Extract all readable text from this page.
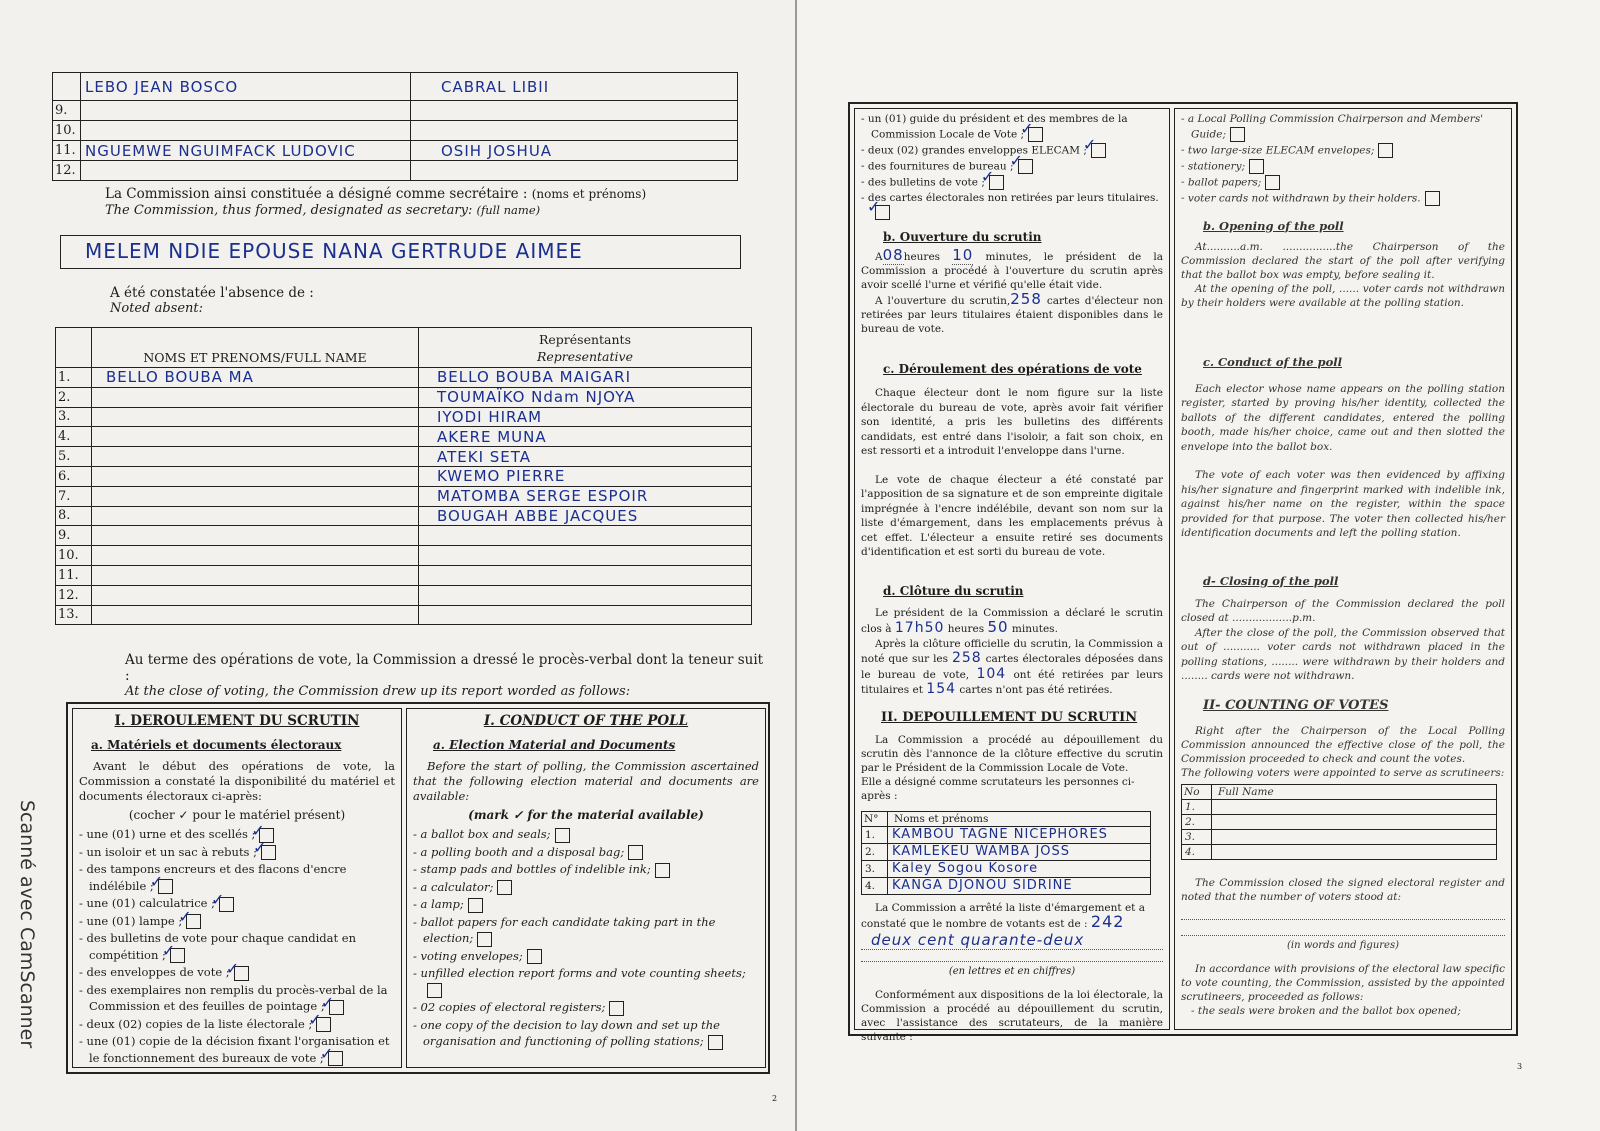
	LEBO JEAN BOSCO	CABRAL LIBII
9.		
10.		
11.	NGUEMWE NGUIMFACK LUDOVIC	OSIH JOSHUA
12.		
La Commission ainsi constituée a désigné comme secrétaire : (noms et prénoms)
The Commission, thus formed, designated as secretary: (full name)
MELEM NDIE EPOUSE NANA GERTRUDE AIMEE
A été constatée l'absence de :
Noted absent:
	NOMS ET PRENOMS/FULL NAME	Représentants
Representative

1.	BELLO BOUBA MA	BELLO BOUBA MAIGARI
2.		TOUMAÏKO Ndam NJOYA
3.		IYODI HIRAM
4.		AKERE MUNA
5.		ATEKI SETA
6.		KWEMO PIERRE
7.		MATOMBA SERGE ESPOIR
8.		BOUGAH ABBE JACQUES
9.		
10.		
11.		
12.		
13.		
Au terme des opérations de vote, la Commission a dressé le procès-verbal dont la teneur suit :
At the close of voting, the Commission drew up its report worded as follows:
I. DEROULEMENT DU SCRUTIN
a. Matériels et documents électoraux
Avant le début des opérations de vote, la Commission a constaté la disponibilité du matériel et documents électoraux ci-après:
(cocher ✓ pour le matériel présent)
- une (01) urne et des scellés ;✓
- un isoloir et un sac à rebuts ;✓
- des tampons encreurs et des flacons d'encre indélébile ;✓
- une (01) calculatrice ;✓
- une (01) lampe ;✓
- des bulletins de vote pour chaque candidat en compétition ;✓
- des enveloppes de vote ;✓
- des exemplaires non remplis du procès-verbal de la Commission et des feuilles de pointage ;✓
- deux (02) copies de la liste électorale ;✓
- une (01) copie de la décision fixant l'organisation et le fonctionnement des bureaux de vote ;✓
I. CONDUCT OF THE POLL
a. Election Material and Documents
Before the start of polling, the Commission ascertained that the following election material and documents are available:
(mark ✓ for the material available)
- a ballot box and seals;
- a polling booth and a disposal bag;
- stamp pads and bottles of indelible ink;
- a calculator;
- a lamp;
- ballot papers for each candidate taking part in the election;
- voting envelopes;
- unfilled election report forms and vote counting sheets;
- 02 copies of electoral registers;
- one copy of the decision to lay down and set up the organisation and functioning of polling stations;
Scanné avec CamScanner
2
- un (01) guide du président et des membres de la Commission Locale de Vote ;✓
- deux (02) grandes enveloppes ELECAM ;✓
- des fournitures de bureau ;✓
- des bulletins de vote ;✓
- des cartes électorales non retirées par leurs titulaires.✓
b. Ouverture du scrutin
A08heures 10 minutes, le président de la Commission a procédé à l'ouverture du scrutin après avoir scellé l'urne et vérifié qu'elle était vide.
A l'ouverture du scrutin,258 cartes d'électeur non retirées par leurs titulaires étaient disponibles dans le bureau de vote.
c. Déroulement des opérations de vote
Chaque électeur dont le nom figure sur la liste électorale du bureau de vote, après avoir fait vérifier son identité, a pris les bulletins des différents candidats, est entré dans l'isoloir, a fait son choix, en est ressorti et a introduit l'enveloppe dans l'urne.
Le vote de chaque électeur a été constaté par l'apposition de sa signature et de son empreinte digitale imprégnée à l'encre indélébile, devant son nom sur la liste d'émargement, dans les emplacements prévus à cet effet. L'électeur a ensuite retiré ses documents d'identification et est sorti du bureau de vote.
d. Clôture du scrutin
Le président de la Commission a déclaré le scrutin clos à 17h50 heures 50 minutes.
Après la clôture officielle du scrutin, la Commission a noté que sur les 258 cartes électorales déposées dans le bureau de vote, 104 ont été retirées par leurs titulaires et 154 cartes n'ont pas été retirées.
II. DEPOUILLEMENT DU SCRUTIN
La Commission a procédé au dépouillement du scrutin dès l'annonce de la clôture effective du scrutin par le Président de la Commission Locale de Vote.
Elle a désigné comme scrutateurs les personnes ci-après :
N°	Noms et prénoms
1.	KAMBOU TAGNE NICEPHORES
2.	KAMLEKEU WAMBA JOSS
3.	Kaley Sogou Kosore
4.	KANGA DJONOU SIDRINE
La Commission a arrêté la liste d'émargement et a constaté que le nombre de votants est de : 242
deux cent quarante-deux
(en lettres et en chiffres)
Conformément aux dispositions de la loi électorale, la Commission a procédé au dépouillement du scrutin, avec l'assistance des scrutateurs, de la manière suivante :
- a Local Polling Commission Chairperson and Members' Guide;
- two large-size ELECAM envelopes;
- stationery;
- ballot papers;
- voter cards not withdrawn by their holders.
b. Opening of the poll
At..........a.m. ................the Chairperson of the Commission declared the start of the poll after verifying that the ballot box was empty, before sealing it.
At the opening of the poll, ...... voter cards not withdrawn by their holders were available at the polling station.
c. Conduct of the poll
Each elector whose name appears on the polling station register, started by proving his/her identity, collected the ballots of the different candidates, entered the polling booth, made his/her choice, came out and then slotted the envelope into the ballot box.
The vote of each voter was then evidenced by affixing his/her signature and fingerprint marked with indelible ink, against his/her name on the register, within the space provided for that purpose. The voter then collected his/her identification documents and left the polling station.
d- Closing of the poll
The Chairperson of the Commission declared the poll closed at ..................p.m.
After the close of the poll, the Commission observed that out of ........... voter cards not withdrawn placed in the polling stations, ........ were withdrawn by their holders and ........ cards were not withdrawn.
II- COUNTING OF VOTES
Right after the Chairperson of the Local Polling Commission announced the effective close of the poll, the Commission proceeded to check and count the votes.
The following voters were appointed to serve as scrutineers:
No	Full Name
1.	
2.	
3.	
4.	
The Commission closed the signed electoral register and noted that the number of voters stood at:
(in words and figures)
In accordance with provisions of the electoral law specific to vote counting, the Commission, assisted by the appointed scrutineers, proceeded as follows:
- the seals were broken and the ballot box opened;
3
